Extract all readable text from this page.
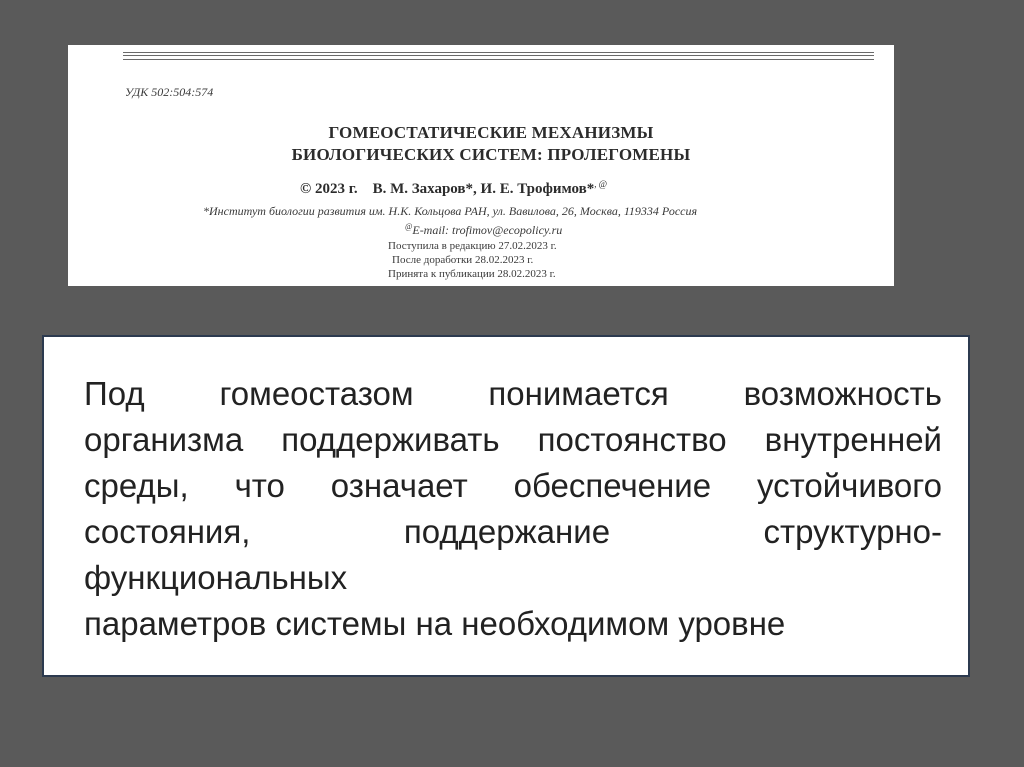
УДК 502:504:574
ГОМЕОСТАТИЧЕСКИЕ МЕХАНИЗМЫ
БИОЛОГИЧЕСКИХ СИСТЕМ: ПРОЛЕГОМЕНЫ
© 2023 г.    В. М. Захаров*, И. Е. Трофимов*, @
*Институт биологии развития им. Н.К. Кольцова РАН, ул. Вавилова, 26, Москва, 119334 Россия
@E-mail: trofimov@ecopolicy.ru
Поступила в редакцию 27.02.2023 г.
После доработки 28.02.2023 г.
Принята к публикации 28.02.2023 г.
Под гомеостазом понимается возможность
организма поддерживать постоянство внутренней
среды, что означает обеспечение устойчивого
состояния,	поддержание	структурно-
функциональных
параметров системы на необходимом уровне
